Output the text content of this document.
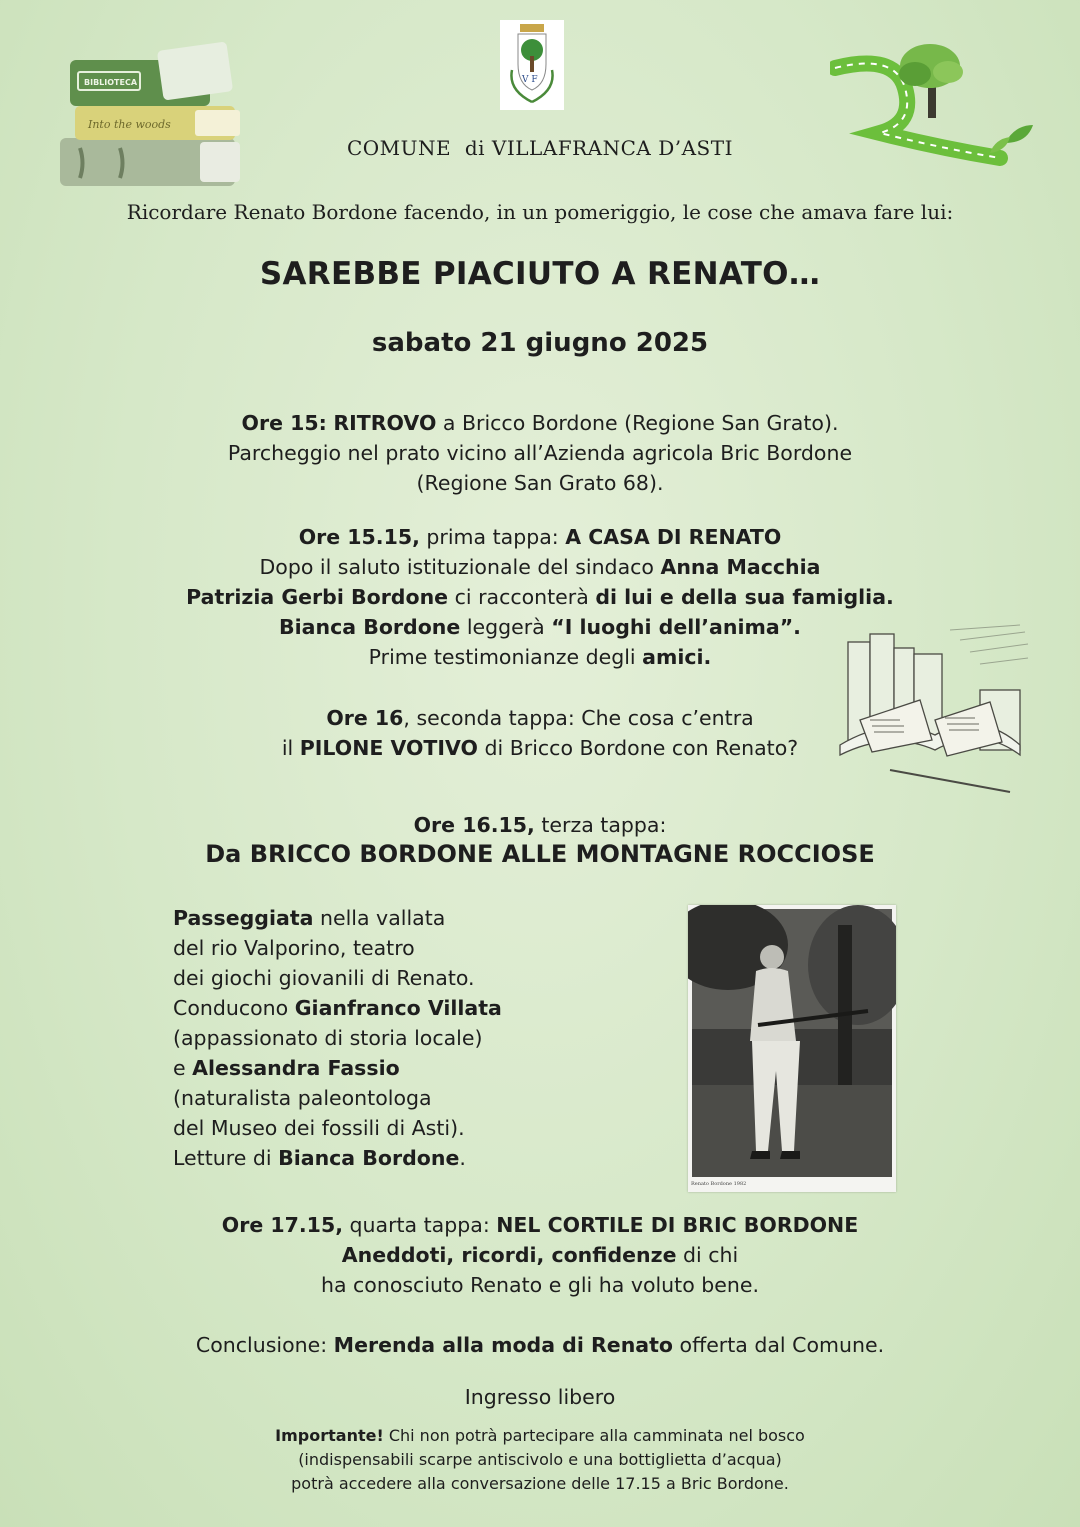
Into the woods
BIBLIOTECA	V F
COMUNE  di VILLAFRANCA D’ASTI
Ricordare Renato Bordone facendo, in un pomeriggio, le cose che amava fare lui:
SAREBBE PIACIUTO A RENATO…
sabato 21 giugno 2025
Ore 15: RITROVO a Bricco Bordone (Regione San Grato).
Parcheggio nel prato vicino all’Azienda agricola Bric Bordone
(Regione San Grato 68).
Ore 15.15, prima tappa: A CASA DI RENATO
Dopo il saluto istituzionale del sindaco Anna Macchia
Patrizia Gerbi Bordone ci racconterà di lui e della sua famiglia.
Bianca Bordone leggerà “I luoghi dell’anima”.
Prime testimonianze degli amici.
Ore 16, seconda tappa: Che cosa c’entra
il PILONE VOTIVO di Bricco Bordone con Renato?
Ore 16.15, terza tappa:
Da BRICCO BORDONE ALLE MONTAGNE ROCCIOSE
Passeggiata nella vallata
del rio Valporino, teatro
dei giochi giovanili di Renato.
Conducono Gianfranco Villata
(appassionato di storia locale)
e Alessandra Fassio
(naturalista paleontologa
del Museo dei fossili di Asti).
Letture di Bianca Bordone.
Renato Bordone 1982
Ore 17.15, quarta tappa: NEL CORTILE DI BRIC BORDONE
Aneddoti, ricordi, confidenze di chi
ha conosciuto Renato e gli ha voluto bene.
Conclusione: Merenda alla moda di Renato offerta dal Comune.
Ingresso libero
Importante! Chi non potrà partecipare alla camminata nel bosco
(indispensabili scarpe antiscivolo e una bottiglietta d’acqua)
potrà accedere alla conversazione delle 17.15 a Bric Bordone.
